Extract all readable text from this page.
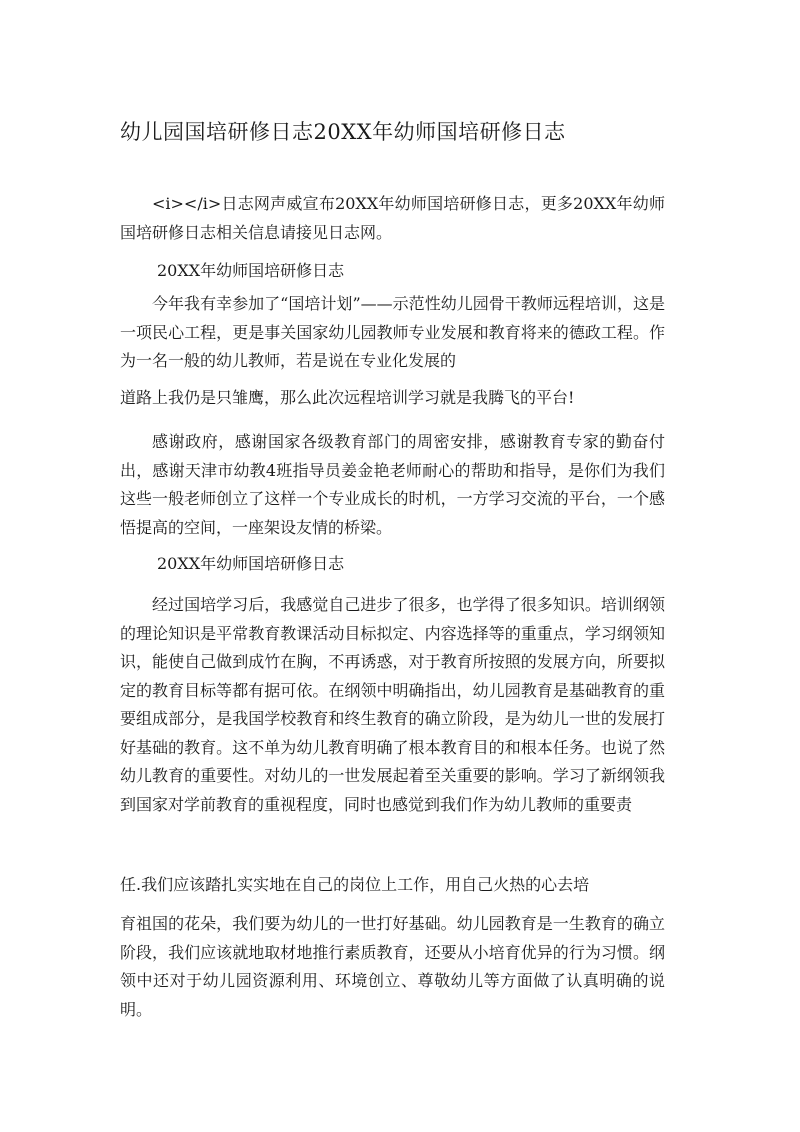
幼儿园国培研修日志20XX年幼师国培研修日志

<i></i>日志网声威宣布20XX年幼师国培研修日志，更多20XX年幼师国培研修日志相关信息请接见日志网。

20XX年幼师国培研修日志

今年我有幸参加了“国培计划”——示范性幼儿园骨干教师远程培训，这是一项民心工程，更是事关国家幼儿园教师专业发展和教育将来的德政工程。作为一名一般的幼儿教师，若是说在专业化发展的

道路上我仍是只雏鹰，那么此次远程培训学习就是我腾飞的平台!

感谢政府，感谢国家各级教育部门的周密安排，感谢教育专家的勤奋付出，感谢天津市幼教4班指导员姜金艳老师耐心的帮助和指导，是你们为我们这些一般老师创立了这样一个专业成长的时机，一方学习交流的平台，一个感悟提高的空间，一座架设友情的桥梁。

20XX年幼师国培研修日志

经过国培学习后，我感觉自己进步了很多，也学得了很多知识。培训纲领的理论知识是平常教育教课活动目标拟定、内容选择等的重重点，学习纲领知识，能使自己做到成竹在胸，不再诱惑，对于教育所按照的发展方向，所要拟定的教育目标等都有据可依。在纲领中明确指出，幼儿园教育是基础教育的重要组成部分，是我国学校教育和终生教育的确立阶段，是为幼儿一世的发展打好基础的教育。这不单为幼儿教育明确了根本教育目的和根本任务。也说了然幼儿教育的重要性。对幼儿的一世发展起着至关重要的影响。学习了新纲领我到国家对学前教育的重视程度，同时也感觉到我们作为幼儿教师的重要责

任.我们应该踏扎实实地在自己的岗位上工作，用自己火热的心去培

育祖国的花朵，我们要为幼儿的一世打好基础。幼儿园教育是一生教育的确立阶段，我们应该就地取材地推行素质教育，还要从小培育优异的行为习惯。纲领中还对于幼儿园资源利用、环境创立、尊敬幼儿等方面做了认真明确的说明。
